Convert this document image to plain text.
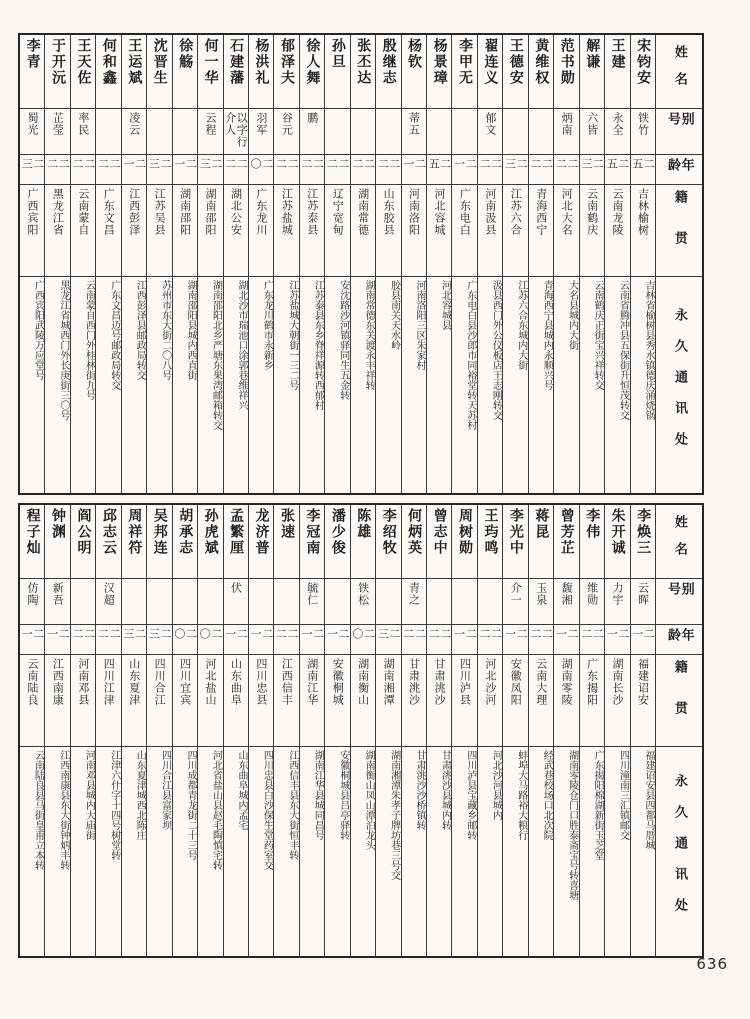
李青
蜀光
二三
广西宾阳
广西宾阳武陵万应堂号
于开沅
芷莹
二二
黑龙江省
黑龙江省城西门外长庚街三〇号
王天佐
率民
二二
云南蒙自
云南蒙自西门外桂林街九号
何和鑫
二二
广东文昌
广东文昌迈号邮政局转交
王运斌
凌云
二一
江西彭泽
江西彭泽县邮政局转交
沈晋生
二三
江苏吴县
苏州市东大街二〇八号
徐觞
二一
湖南邵阳
湖南邵阳县城内西直街
何一华
云程
二三
湖南邵阳
湖南邵阳北乡严塘东果湾邮箱转交
石建藩
以字行介人
二二
湖北公安
湖北沙市瑞池口涂郭巷维祥兴
杨洪礼
羽军
二〇
广东龙川
广东龙川鹤市永新乡
郁泽夫
谷元
二二
江苏盐城
江苏盐城大朝街一三二号
徐人舞
鹏
二二
江苏泰县
江苏泰县东乡脊祥源转西郁村
孙旦
二二
辽宁宽甸
安沈路沙河镇驿同生五金转
张丕达
二二
湖南常德
湖南常德东关渡永丰祥转
殷继志
二二
山东胶县
胶县南关天水岭
杨钦
蒂五
二一
河南洛阳
河南洛阳三区朱家村
杨景璋
二五
河北容城
河北容城县
李甲无
二一
广东电白
广东电白县沙郎市同裕堂转天苏村
翟连义
郁文
二二
河南汲县
汲县西门外公仪板店王志刚转交
王德安
二三
江苏六合
江苏六合东城内大街
黄维权
二二
青海西宁
青海西宁县城内永顺兴号
范书勋
炳南
二二
河北大名
大名县城内大街
解谦
六皆
二三
云南鹤庆
云南鹤庆正街宝兴祥转交
王建
永全
二五
云南龙陵
云南省腾冲县五保街升恒茂转交
宋钧安
铁竹
二五
吉林榆树
吉林省榆树县秀水镇德庆涌烧锅
姓名
别号
年龄
籍贯
永久通讯处
程子灿
仿陶
二一
云南陆良
云南陆良县马街皇甫立本转
钟渊
新吾
二一
江西南康
江西南康县东大街钟炳丰转
阎公明
二二
河南邓县
河南邓县城内大庙街
邱志云
汉超
二二
四川江津
江津六什字十四号树堂转
周祥符
二三
山东夏津
山东夏津城西北陈庄
吴邦连
二三
四川合江
四川合江县富家坝
胡承志
二〇
四川宜宾
四川成都青龙街二十三号
孙虎斌
二〇
河北盐山
河北省盐山县赵毛陶慎宅转
孟繁厘
伏
二一
山东曲阜
山东曲阜城内孟宅
龙济普
二一
四川忠县
四川忠县白沙保生堂药室交
张速
二二
江西信丰
江西信丰县东大街恒丰转
李冠南
毓仁
二一
湖南江华
湖南江华县城同昌号
潘少俊
二一
安徽桐城
安徽桐城县吕亭驿转
陈雄
铁松
二〇
湖南衡山
湖南衡山凤山潭泊龙头
李绍牧
二三
湖南湘潭
湖南湘潭朱孝子牌坊巷三号交
何炳英
青之
二二
甘肃洮沙
甘肃洮沙沙桥镇转
曾志中
二二
甘肃洮沙
甘肃洮沙县城内转
周树勋
二一
四川泸县
四川泸县宝藏乡邮转
王玙鸣
二二
河北沙河
河北沙河县城内
李光中
介一
二一
安徽凤阳
蚌埠大马路裕大粮行
蒋昆
玉泉
二二
云南大理
经武巷校场口北次院
曾芳芷
馥湘
二一
湖南零陵
湖南零陵仓门口胜泰斋宝号转喜塘
李伟
维勋
二二
广东揭阳
广东揭阳棉湖新街玉芝堂
朱开诚
力宇
二一
湖南长沙
四川潼南三汇镇邮交
李焕三
云晖
二一
福建诏安
福建诏安县四都马厝城
姓名
别号
年龄
籍贯
永久通讯处
636
